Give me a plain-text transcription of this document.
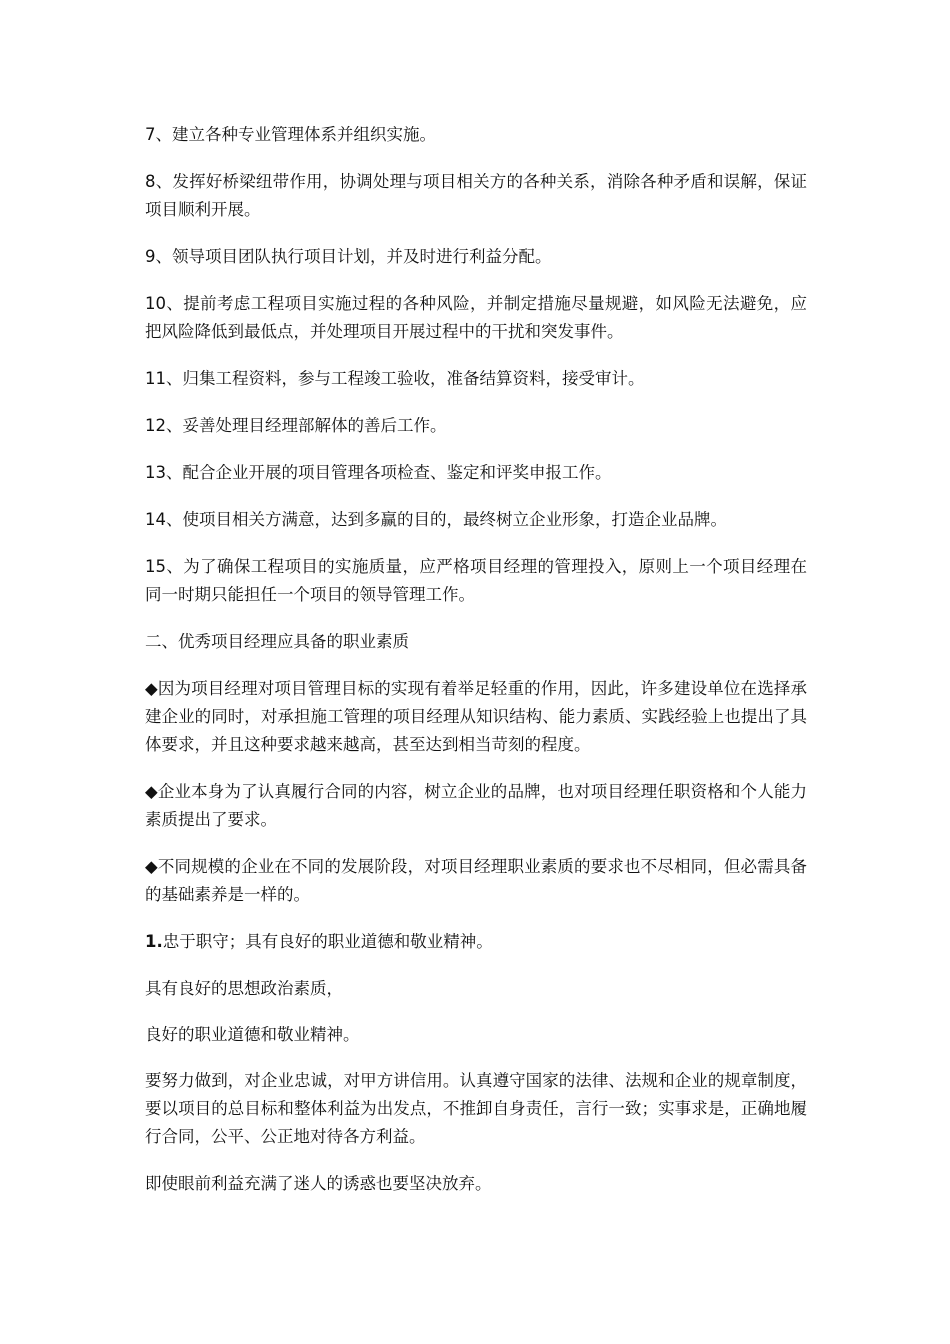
7、建立各种专业管理体系并组织实施。

8、发挥好桥梁纽带作用，协调处理与项目相关方的各种关系，消除各种矛盾和误解，保证项目顺利开展。

9、领导项目团队执行项目计划，并及时进行利益分配。

10、提前考虑工程项目实施过程的各种风险，并制定措施尽量规避，如风险无法避免，应把风险降低到最低点，并处理项目开展过程中的干扰和突发事件。

11、归集工程资料，参与工程竣工验收，准备结算资料，接受审计。

12、妥善处理目经理部解体的善后工作。

13、配合企业开展的项目管理各项检查、鉴定和评奖申报工作。

14、使项目相关方满意，达到多赢的目的，最终树立企业形象，打造企业品牌。

15、为了确保工程项目的实施质量，应严格项目经理的管理投入，原则上一个项目经理在同一时期只能担任一个项目的领导管理工作。

二、优秀项目经理应具备的职业素质

◆因为项目经理对项目管理目标的实现有着举足轻重的作用，因此，许多建设单位在选择承建企业的同时，对承担施工管理的项目经理从知识结构、能力素质、实践经验上也提出了具体要求，并且这种要求越来越高，甚至达到相当苛刻的程度。

◆企业本身为了认真履行合同的内容，树立企业的品牌，也对项目经理任职资格和个人能力素质提出了要求。

◆不同规模的企业在不同的发展阶段，对项目经理职业素质的要求也不尽相同，但必需具备的基础素养是一样的。

1.忠于职守；具有良好的职业道德和敬业精神。

具有良好的思想政治素质，

良好的职业道德和敬业精神。

要努力做到，对企业忠诚，对甲方讲信用。认真遵守国家的法律、法规和企业的规章制度，要以项目的总目标和整体利益为出发点，不推卸自身责任，言行一致；实事求是，正确地履行合同，公平、公正地对待各方利益。

即使眼前利益充满了迷人的诱惑也要坚决放弃。
